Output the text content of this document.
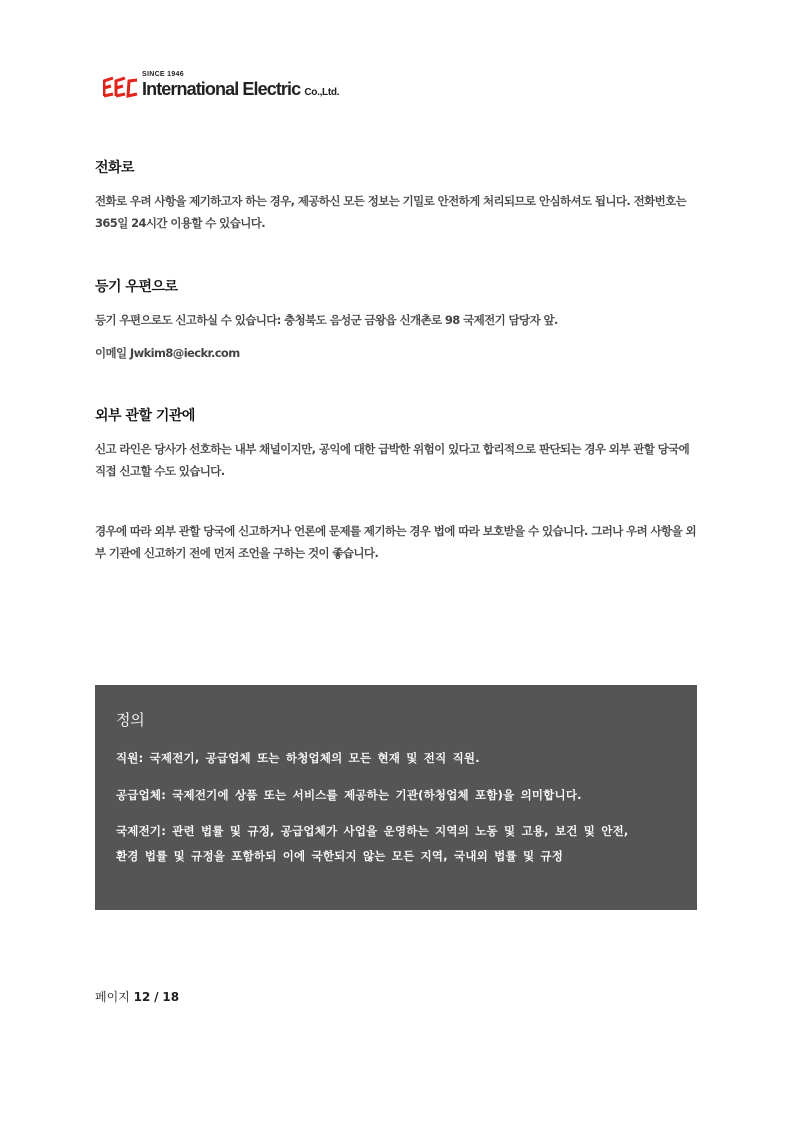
SINCE 1946
International Electric Co.,Ltd.
전화로
전화로 우려 사항을 제기하고자 하는 경우, 제공하신 모든 정보는 기밀로 안전하게 처리되므로 안심하셔도 됩니다. 전화번호는 365일 24시간 이용할 수 있습니다.
등기 우편으로
등기 우편으로도 신고하실 수 있습니다: 충청북도 음성군 금왕읍 신개촌로 98 국제전기 담당자 앞.
이메일 Jwkim8@ieckr.com
외부 관할 기관에
신고 라인은 당사가 선호하는 내부 채널이지만, 공익에 대한 급박한 위험이 있다고 합리적으로 판단되는 경우 외부 관할 당국에 직접 신고할 수도 있습니다.
경우에 따라 외부 관할 당국에 신고하거나 언론에 문제를 제기하는 경우 법에 따라 보호받을 수 있습니다. 그러나 우려 사항을 외부 기관에 신고하기 전에 먼저 조언을 구하는 것이 좋습니다.
정의
직원: 국제전기, 공급업체 또는 하청업체의 모든 현재 및 전직 직원.
공급업체: 국제전기에 상품 또는 서비스를 제공하는 기관(하청업체 포함)을 의미합니다.
국제전기: 관련 법률 및 규정, 공급업체가 사업을 운영하는 지역의 노동 및 고용, 보건 및 안전,
환경 법률 및 규정을 포함하되 이에 국한되지 않는 모든 지역, 국내외 법률 및 규정
페이지 12 / 18
